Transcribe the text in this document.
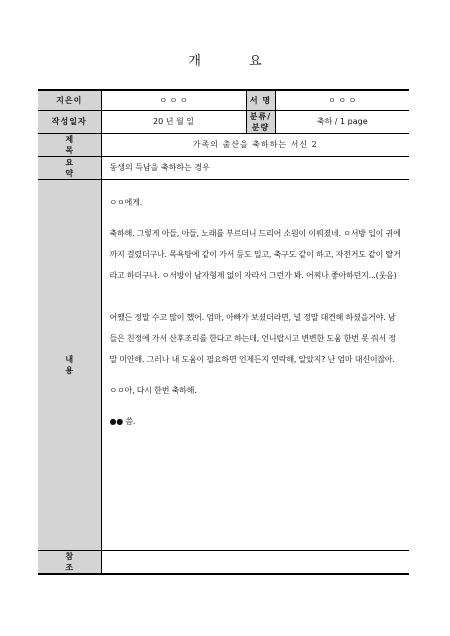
개 요
지은이	ㅇ ㅇ ㅇ	서 명	ㅇ ㅇ ㅇ
작성일자	20 년 월 일	분류/분량	축하 / 1 page
제 목	가족의 출산을 축하하는 서신 2		
요 약	동생의 득남을 축하하는 경우		
내 용	ㅇㅇ에게.

축하해. 그렇게 아들, 아들, 노래를 부르더니 드리어 소원이 이뤄졌네. ㅇ서방 입이 귀에까지 걸렸더구나. 목욕탕에 같이 가서 등도 밀고, 축구도 같이 하고, 자전거도 같이 탈거라고 하더구나. ㅇ서방이 남자형제 없이 자라서 그런가 봐. 어찌나 좋아하던지...(웃음)

어쨌든 정말 수고 많이 했어. 엄마, 아빠가 보셨더라면, 널 정말 대견해 하셨을거야. 남들은 친정에 가서 산후조리를 한다고 하는데, 언니랍시고 변변한 도움 한번 못 줘서 정말 미안해. 그러나 내 도움이 필요하면 언제든지 연락해, 알았지? 난 엄마 대신이잖아.

ㅇㅇ아, 다시 한번 축하해.

●● 씀.		

참 조			
